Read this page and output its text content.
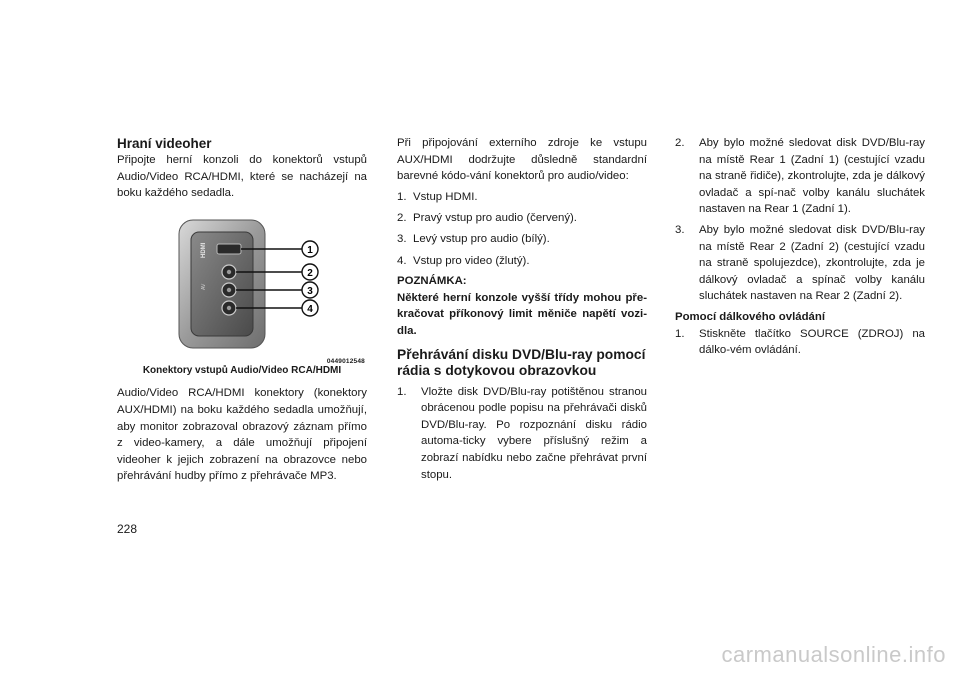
Hraní videoher

Připojte herní konzoli do konektorů vstupů Audio/Video RCA/HDMI, které se nacházejí na boku každého sedadla.

HDMI
AV
1
2
3
4
0449012548
Konektory vstupů Audio/Video RCA/HDMI

Audio/Video RCA/HDMI konektory (konektory AUX/HDMI) na boku každého sedadla umožňují, aby monitor zobrazoval obrazový záznam přímo z video-kamery, a dále umožňují připojení videoher k jejich zobrazení na obrazovce nebo přehrávání hudby přímo z přehrávače MP3.

Při připojování externího zdroje ke vstupu AUX/HDMI dodržujte důsledně standardní barevné kódo-vání konektorů pro audio/video:

1. Vstup HDMI.
2. Pravý vstup pro audio (červený).
3. Levý vstup pro audio (bílý).
4. Vstup pro video (žlutý).

POZNÁMKA:

Některé herní konzole vyšší třídy mohou pře-kračovat příkonový limit měniče napětí vozi-dla.

Přehrávání disku DVD/Blu-ray pomocí rádia s dotykovou obrazovkou
1. Vložte disk DVD/Blu-ray potištěnou stranou obrácenou podle popisu na přehrávači disků DVD/Blu-ray. Po rozpoznání disku rádio automa-ticky vybere příslušný režim a zobrazí nabídku nebo začne přehrávat první stopu.
2. Aby bylo možné sledovat disk DVD/Blu-ray na místě Rear 1 (Zadní 1) (cestující vzadu na straně řidiče), zkontrolujte, zda je dálkový ovladač a spí-nač volby kanálu sluchátek nastaven na Rear 1 (Zadní 1).
3. Aby bylo možné sledovat disk DVD/Blu-ray na místě Rear 2 (Zadní 2) (cestující vzadu na straně spolujezdce), zkontrolujte, zda je dálkový ovladač a spínač volby kanálu sluchátek nastaven na Rear 2 (Zadní 2).

Pomocí dálkového ovládání

1. Stiskněte tlačítko SOURCE (ZDROJ) na dálko-vém ovládání.
228
carmanualsonline.info
